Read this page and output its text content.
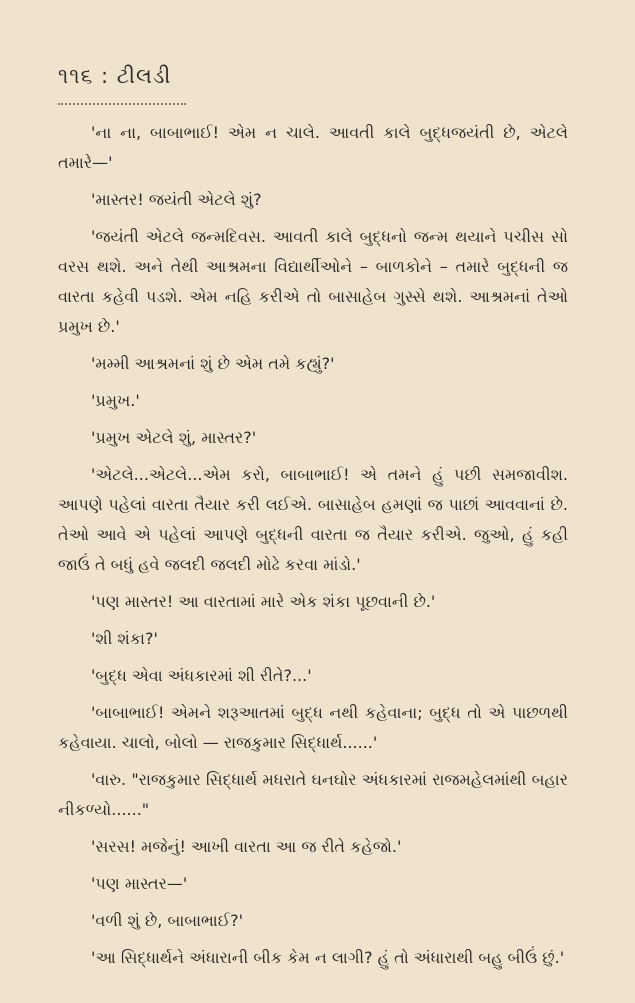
૧૧૬ : ટીલડી

'ના ના, બાબાભાઈ! એમ ન ચાલે. આવતી કાલે બુદ્ધજયંતી છે, એટલે તમારે—'

'માસ્તર! જયંતી એટલે શું?

'જયંતી એટલે જન્મદિવસ. આવતી કાલે બુદ્ધનો જન્મ થયાને પચીસ સો વરસ થશે. અને તેથી આશ્રમના વિદ્યાર્થીઓને – બાળકોને – તમારે બુદ્ધની જ વારતા કહેવી પડશે. એમ નહિ કરીએ તો બાસાહેબ ગુસ્સે થશે. આશ્રમનાં તેઓ પ્રમુખ છે.'

'મમ્મી આશ્રમનાં શું છે એમ તમે કહ્યું?'

'પ્રમુખ.'

'પ્રમુખ એટલે શું, માસ્તર?'

'એટલે...એટલે...એમ કરો, બાબાભાઈ! એ તમને હું પછી સમજાવીશ. આપણે પહેલાં વારતા તૈયાર કરી લઈએ. બાસાહેબ હમણાં જ પાછાં આવવાનાં છે. તેઓ આવે એ પહેલાં આપણે બુદ્ધની વારતા જ તૈયાર કરીએ. જુઓ, હું કહી જાઉં તે બધું હવે જલદી જલદી મોઢે કરવા માંડો.'

'પણ માસ્તર! આ વારતામાં મારે એક શંકા પૂછવાની છે.'

'શી શંકા?'

'બુદ્ધ એવા અંધકારમાં શી રીતે?...'

'બાબાભાઈ! એમને શરૂઆતમાં બુદ્ધ નથી કહેવાના; બુદ્ધ તો એ પાછળથી કહેવાયા. ચાલો, બોલો — રાજકુમાર સિદ્ધાર્થ......'

'વારુ. "રાજકુમાર સિદ્ધાર્થ મધરાતે ઘનઘોર અંધકારમાં રાજમહેલમાંથી બહાર નીકળ્યો......"

'સરસ! મજેનું! આખી વારતા આ જ રીતે કહેજો.'

'પણ માસ્તર—'

'વળી શું છે, બાબાભાઈ?'

'આ સિદ્ધાર્થને અંધારાની બીક કેમ ન લાગી? હું તો અંધારાથી બહુ બીઉં છું.'
